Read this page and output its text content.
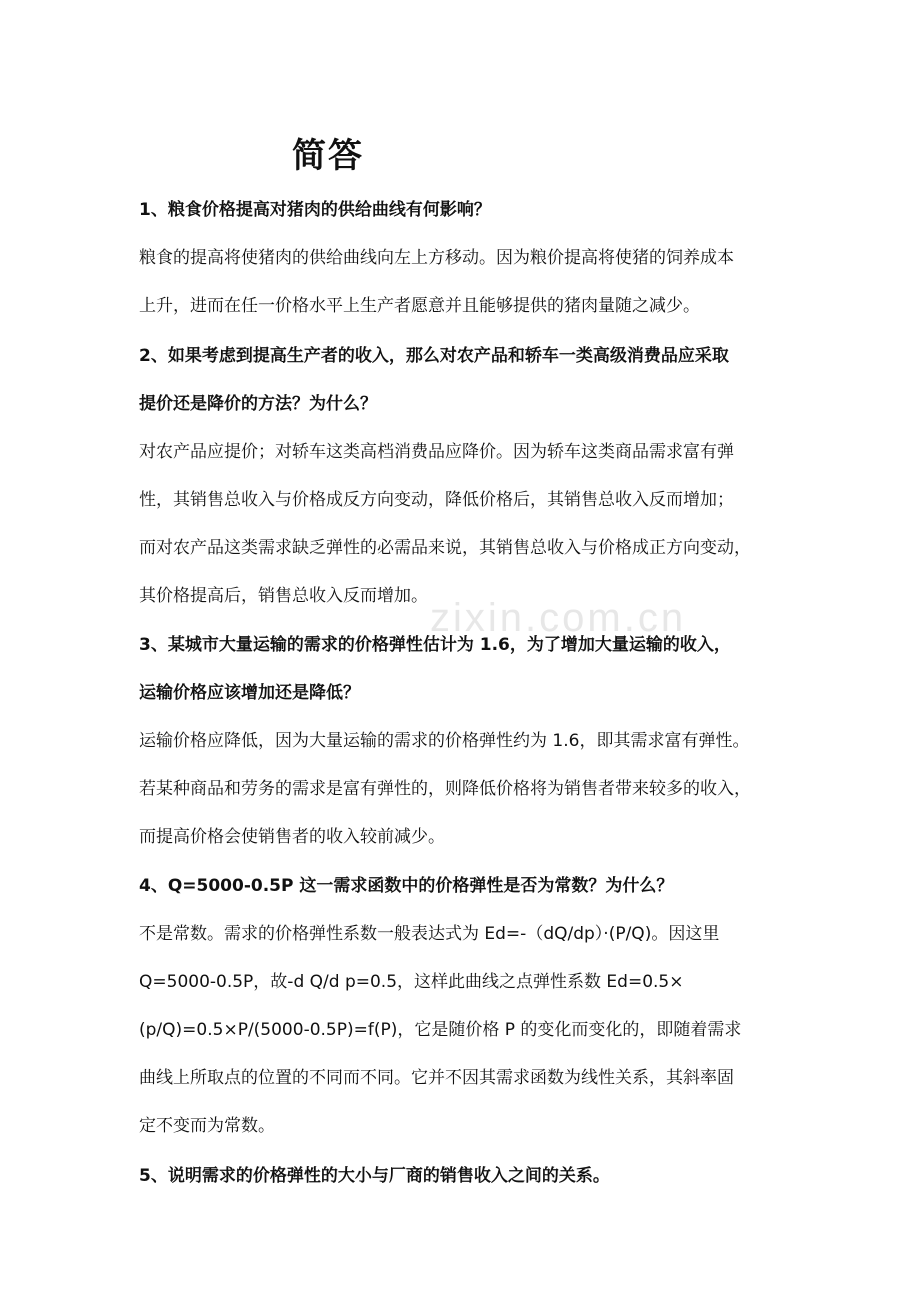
zixin.com.cn
简答
1、粮食价格提高对猪肉的供给曲线有何影响？
粮食的提高将使猪肉的供给曲线向左上方移动。因为粮价提高将使猪的饲养成本
上升，进而在任一价格水平上生产者愿意并且能够提供的猪肉量随之减少。
2、如果考虑到提高生产者的收入，那么对农产品和轿车一类高级消费品应采取
提价还是降价的方法？为什么？
对农产品应提价；对轿车这类高档消费品应降价。因为轿车这类商品需求富有弹
性，其销售总收入与价格成反方向变动，降低价格后，其销售总收入反而增加；
而对农产品这类需求缺乏弹性的必需品来说，其销售总收入与价格成正方向变动，
其价格提高后，销售总收入反而增加。
3、某城市大量运输的需求的价格弹性估计为 1.6，为了增加大量运输的收入，
运输价格应该增加还是降低？
运输价格应降低，因为大量运输的需求的价格弹性约为 1.6，即其需求富有弹性。
若某种商品和劳务的需求是富有弹性的，则降低价格将为销售者带来较多的收入，
而提高价格会使销售者的收入较前减少。
4、Q=5000-0.5P 这一需求函数中的价格弹性是否为常数？为什么？
不是常数。需求的价格弹性系数一般表达式为 Ed=-（dQ/dp）·(P/Q)。因这里
Q=5000-0.5P，故-d Q/d p=0.5，这样此曲线之点弹性系数 Ed=0.5×
(p/Q)=0.5×P/(5000-0.5P)=f(P)，它是随价格 P 的变化而变化的，即随着需求
曲线上所取点的位置的不同而不同。它并不因其需求函数为线性关系，其斜率固
定不变而为常数。
5、说明需求的价格弹性的大小与厂商的销售收入之间的关系。
